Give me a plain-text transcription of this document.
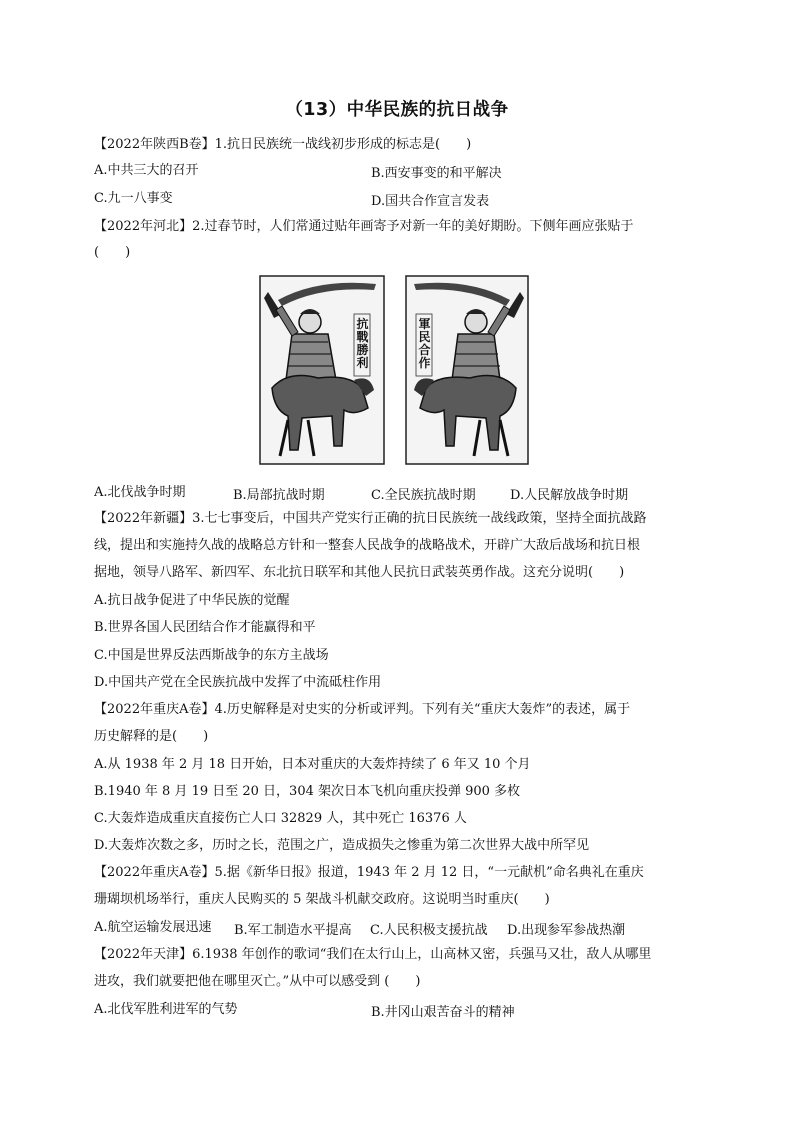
（13）中华民族的抗日战争
【2022年陕西B卷】1.抗日民族统一战线初步形成的标志是(　　)
A.中共三大的召开	B.西安事变的和平解决
C.九一八事变	D.国共合作宣言发表
【2022年河北】2.过春节时，人们常通过贴年画寄予对新一年的美好期盼。下侧年画应张贴于
(　　)
抗
戰
勝
利
軍
民
合
作
A.北伐战争时期	B.局部抗战时期	C.全民族抗战时期	D.人民解放战争时期
【2022年新疆】3.七七事变后，中国共产党实行正确的抗日民族统一战线政策，坚持全面抗战路
线，提出和实施持久战的战略总方针和一整套人民战争的战略战术，开辟广大敌后战场和抗日根
据地，领导八路军、新四军、东北抗日联军和其他人民抗日武装英勇作战。这充分说明(　　)
A.抗日战争促进了中华民族的觉醒
B.世界各国人民团结合作才能赢得和平
C.中国是世界反法西斯战争的东方主战场
D.中国共产党在全民族抗战中发挥了中流砥柱作用
【2022年重庆A卷】4.历史解释是对史实的分析或评判。下列有关“重庆大轰炸”的表述，属于
历史解释的是(　　)
A.从 1938 年 2 月 18 日开始，日本对重庆的大轰炸持续了 6 年又 10 个月
B.1940 年 8 月 19 日至 20 日，304 架次日本飞机向重庆投弹 900 多枚
C.大轰炸造成重庆直接伤亡人口 32829 人，其中死亡 16376 人
D.大轰炸次数之多，历时之长，范围之广，造成损失之惨重为第二次世界大战中所罕见
【2022年重庆A卷】5.据《新华日报》报道，1943 年 2 月 12 日，“一元献机”命名典礼在重庆
珊瑚坝机场举行，重庆人民购买的 5 架战斗机献交政府。这说明当时重庆(　　)
A.航空运输发展迅速	B.军工制造水平提高 C.人民积极支援抗战 D.出现参军参战热潮
【2022年天津】6.1938 年创作的歌词“我们在太行山上，山高林又密，兵强马又壮，敌人从哪里
进攻，我们就要把他在哪里灭亡。”从中可以感受到 (　　)
A.北伐军胜利进军的气势	B.井冈山艰苦奋斗的精神
